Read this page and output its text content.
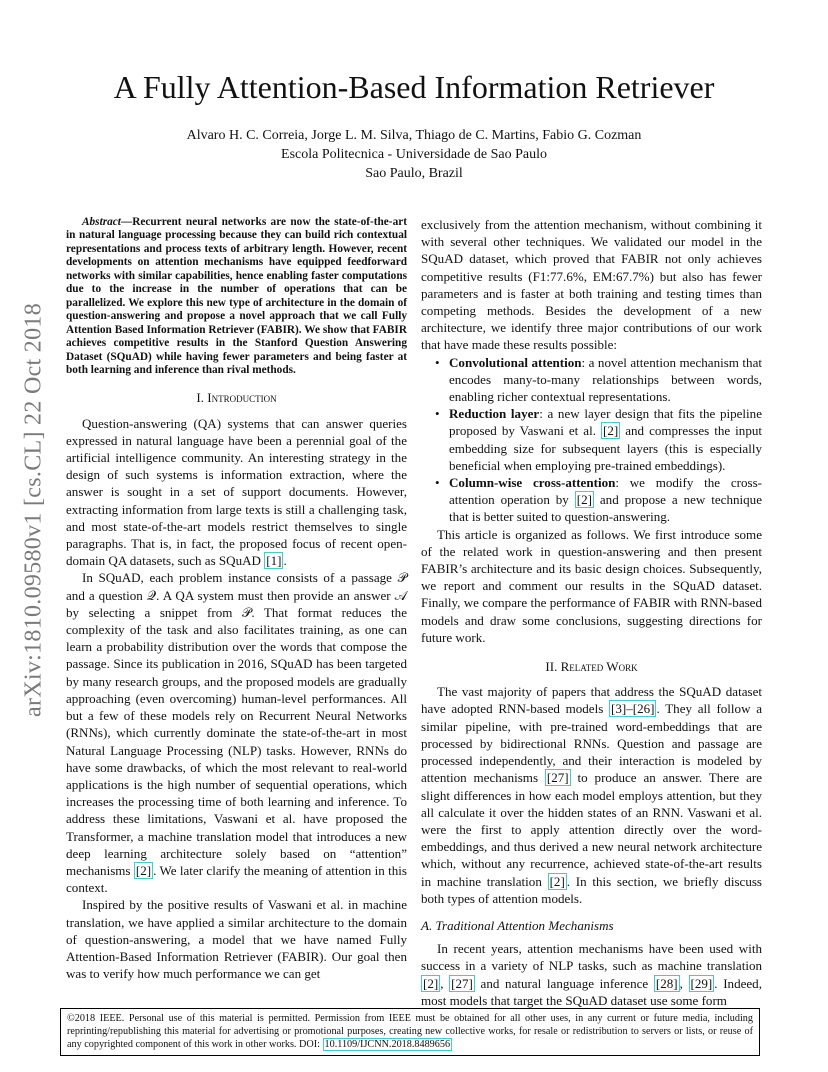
arXiv:1810.09580v1 [cs.CL] 22 Oct 2018
A Fully Attention-Based Information Retriever
Alvaro H. C. Correia, Jorge L. M. Silva, Thiago de C. Martins, Fabio G. Cozman
Escola Politecnica - Universidade de Sao Paulo
Sao Paulo, Brazil

Abstract—Recurrent neural networks are now the state-of-the-art in natural language processing because they can build rich contextual representations and process texts of arbitrary length. However, recent developments on attention mechanisms have equipped feedforward networks with similar capabilities, hence enabling faster computations due to the increase in the number of operations that can be parallelized. We explore this new type of architecture in the domain of question-answering and propose a novel approach that we call Fully Attention Based Information Retriever (FABIR). We show that FABIR achieves competitive results in the Stanford Question Answering Dataset (SQuAD) while having fewer parameters and being faster at both learning and inference than rival methods.

I. Introduction

Question-answering (QA) systems that can answer queries expressed in natural language have been a perennial goal of the artificial intelligence community. An interesting strategy in the design of such systems is information extraction, where the answer is sought in a set of support documents. However, extracting information from large texts is still a challenging task, and most state-of-the-art models restrict themselves to single paragraphs. That is, in fact, the proposed focus of recent open-domain QA datasets, such as SQuAD [1] .

In SQuAD, each problem instance consists of a passage 𝒫 and a question 𝒬. A QA system must then provide an answer 𝒜 by selecting a snippet from 𝒫. That format reduces the complexity of the task and also facilitates training, as one can learn a probability distribution over the words that compose the passage. Since its publication in 2016, SQuAD has been targeted by many research groups, and the proposed models are gradually approaching (even overcoming) human-level performances. All but a few of these models rely on Recurrent Neural Networks (RNNs), which currently dominate the state-of-the-art in most Natural Language Processing (NLP) tasks. However, RNNs do have some drawbacks, of which the most relevant to real-world applications is the high number of sequential operations, which increases the processing time of both learning and inference. To address these limitations, Vaswani et al. have proposed the Transformer, a machine translation model that introduces a new deep learning architecture solely based on “attention” mechanisms [2] . We later clarify the meaning of attention in this context.

Inspired by the positive results of Vaswani et al. in machine translation, we have applied a similar architecture to the domain of question-answering, a model that we have named Fully Attention-Based Information Retriever (FABIR). Our goal then was to verify how much performance we can get

exclusively from the attention mechanism, without combining it with several other techniques. We validated our model in the SQuAD dataset, which proved that FABIR not only achieves competitive results (F1:77.6%, EM:67.7%) but also has fewer parameters and is faster at both training and testing times than competing methods. Besides the development of a new architecture, we identify three major contributions of our work that have made these results possible:

• Convolutional attention: a novel attention mechanism that encodes many-to-many relationships between words, enabling richer contextual representations.
• Reduction layer: a new layer design that fits the pipeline proposed by Vaswani et al. [2] and compresses the input embedding size for subsequent layers (this is especially beneficial when employing pre-trained embeddings).
• Column-wise cross-attention: we modify the cross-attention operation by [2] and propose a new technique that is better suited to question-answering.

This article is organized as follows. We first introduce some of the related work in question-answering and then present FABIR’s architecture and its basic design choices. Subsequently, we report and comment our results in the SQuAD dataset. Finally, we compare the performance of FABIR with RNN-based models and draw some conclusions, suggesting directions for future work.

II. Related Work

The vast majority of papers that address the SQuAD dataset have adopted RNN-based models [3]–[26] . They all follow a similar pipeline, with pre-trained word-embeddings that are processed by bidirectional RNNs. Question and passage are processed independently, and their interaction is modeled by attention mechanisms [27] to produce an answer. There are slight differences in how each model employs attention, but they all calculate it over the hidden states of an RNN. Vaswani et al. were the first to apply attention directly over the word-embeddings, and thus derived a new neural network architecture which, without any recurrence, achieved state-of-the-art results in machine translation [2] . In this section, we briefly discuss both types of attention models.

A. Traditional Attention Mechanisms

In recent years, attention mechanisms have been used with success in a variety of NLP tasks, such as machine translation [2] , [27] and natural language inference [28] , [29] . Indeed, most models that target the SQuAD dataset use some form

©2018 IEEE. Personal use of this material is permitted. Permission from IEEE must be obtained for all other uses, in any current or future media, including reprinting/republishing this material for advertising or promotional purposes, creating new collective works, for resale or redistribution to servers or lists, or reuse of any copyrighted component of this work in other works. DOI: 10.1109/IJCNN.2018.8489656
